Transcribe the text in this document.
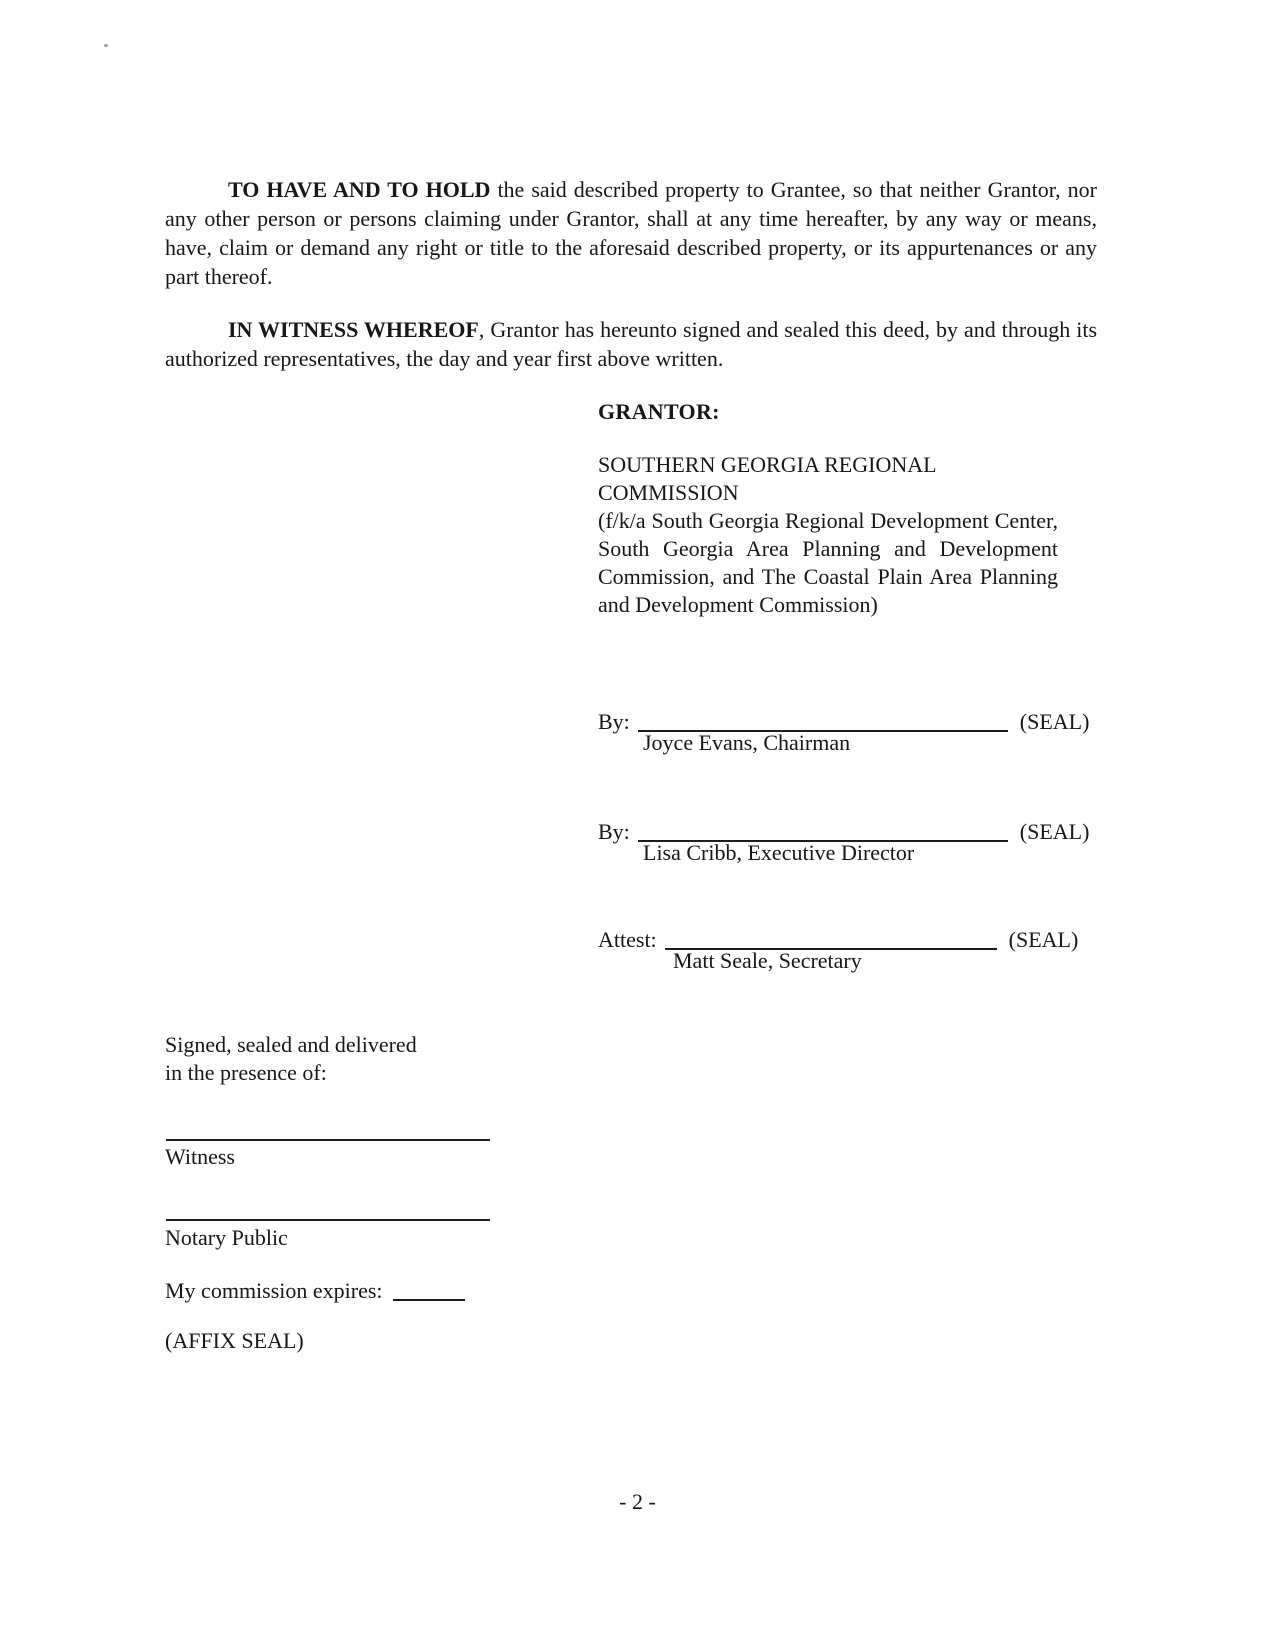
TO HAVE AND TO HOLD the said described property to Grantee, so that neither Grantor, nor any other person or persons claiming under Grantor, shall at any time hereafter, by any way or means, have, claim or demand any right or title to the aforesaid described property, or its appurtenances or any part thereof.

IN WITNESS WHEREOF, Grantor has hereunto signed and sealed this deed, by and through its authorized representatives, the day and year first above written.

GRANTOR:
SOUTHERN GEORGIA REGIONAL COMMISSION
(f/k/a South Georgia Regional Development Center, South Georgia Area Planning and Development Commission, and The Coastal Plain Area Planning and Development Commission)
By:	(SEAL)
Joyce Evans, Chairman
By:	(SEAL)
Lisa Cribb, Executive Director
Attest:	(SEAL)
Matt Seale, Secretary
Signed, sealed and delivered
in the presence of:
Witness
Notary Public
My commission expires:
(AFFIX SEAL)
- 2 -
